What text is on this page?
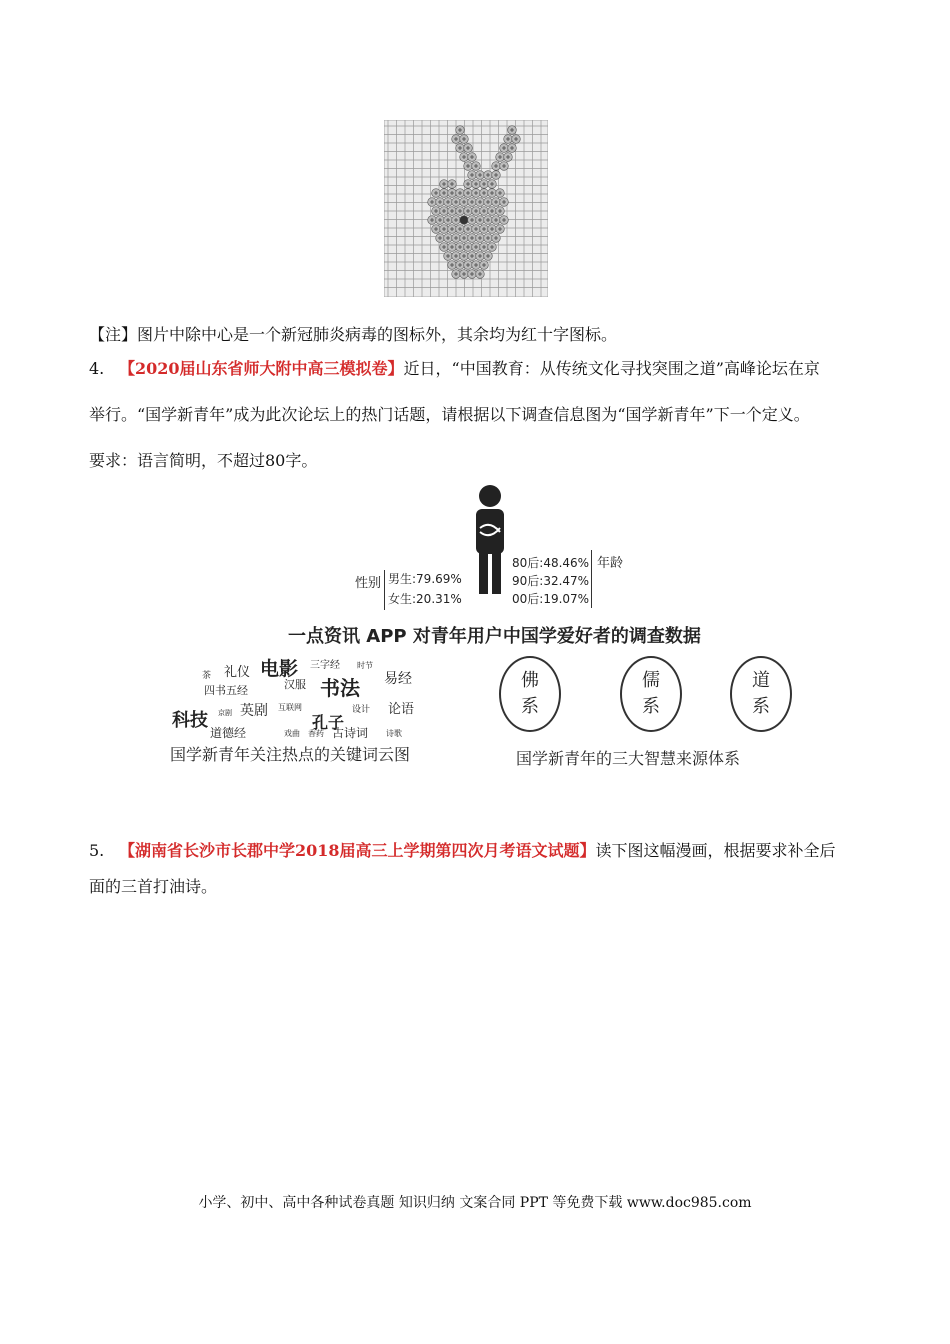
【注】图片中除中心是一个新冠肺炎病毒的图标外，其余均为红十字图标。
4. 【2020届山东省师大附中高三模拟卷】近日，“中国教育：从传统文化寻找突围之道”高峰论坛在京
举行。“国学新青年”成为此次论坛上的热门话题，请根据以下调查信息图为“国学新青年”下一个定义。
要求：语言简明，不超过80字。
性别 男生:79.69%
女生:20.31%
80后:48.46%
90后:32.47%
00后:19.07%
年龄
一点资讯 APP 对青年用户中国学爱好者的调查数据
茶 礼仪 电影 三字经 时节
四书五经	汉服 书法 易经
科技 京剧 英剧 互联网	设计 论语
道德经
孔子
戏曲 香药 古诗词 诗歌
国学新青年关注热点的关键词云图
佛
系
儒
系
道
系
国学新青年的三大智慧来源体系
5. 【湖南省长沙市长郡中学2018届高三上学期第四次月考语文试题】读下图这幅漫画，根据要求补全后
面的三首打油诗。
小学、初中、高中各种试卷真题 知识归纳 文案合同 PPT 等免费下载 www.doc985.com
